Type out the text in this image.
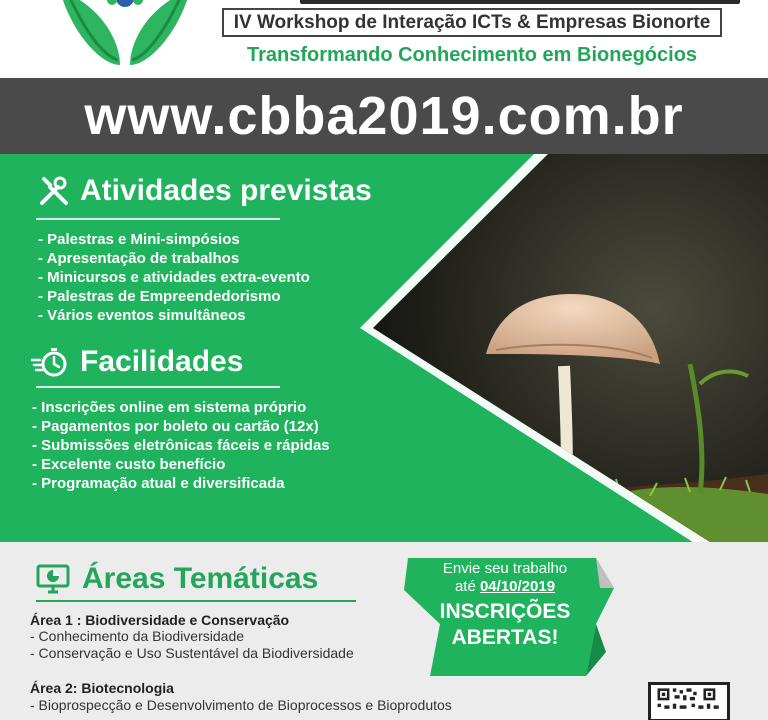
IV Workshop de Interação ICTs & Empresas Bionorte
Transformando Conhecimento em Bionegócios
www.cbba2019.com.br
Atividades previstas
- Palestras e Mini-simpósios
- Apresentação de trabalhos
- Minicursos e atividades extra-evento
- Palestras de Empreendedorismo
- Vários eventos simultâneos
Facilidades
- Inscrições online em sistema próprio
- Pagamentos por boleto ou cartão (12x)
- Submissões eletrônicas fáceis e rápidas
- Excelente custo benefício
- Programação atual e diversificada
Áreas Temáticas
Área 1 : Biodiversidade e Conservação
- Conhecimento da Biodiversidade
- Conservação e Uso Sustentável da Biodiversidade
Área 2: Biotecnologia
- Bioprospecção e Desenvolvimento de Bioprocessos e Bioprodutos
Envie seu trabalho
até 04/10/2019
INSCRIÇÕES
ABERTAS!
